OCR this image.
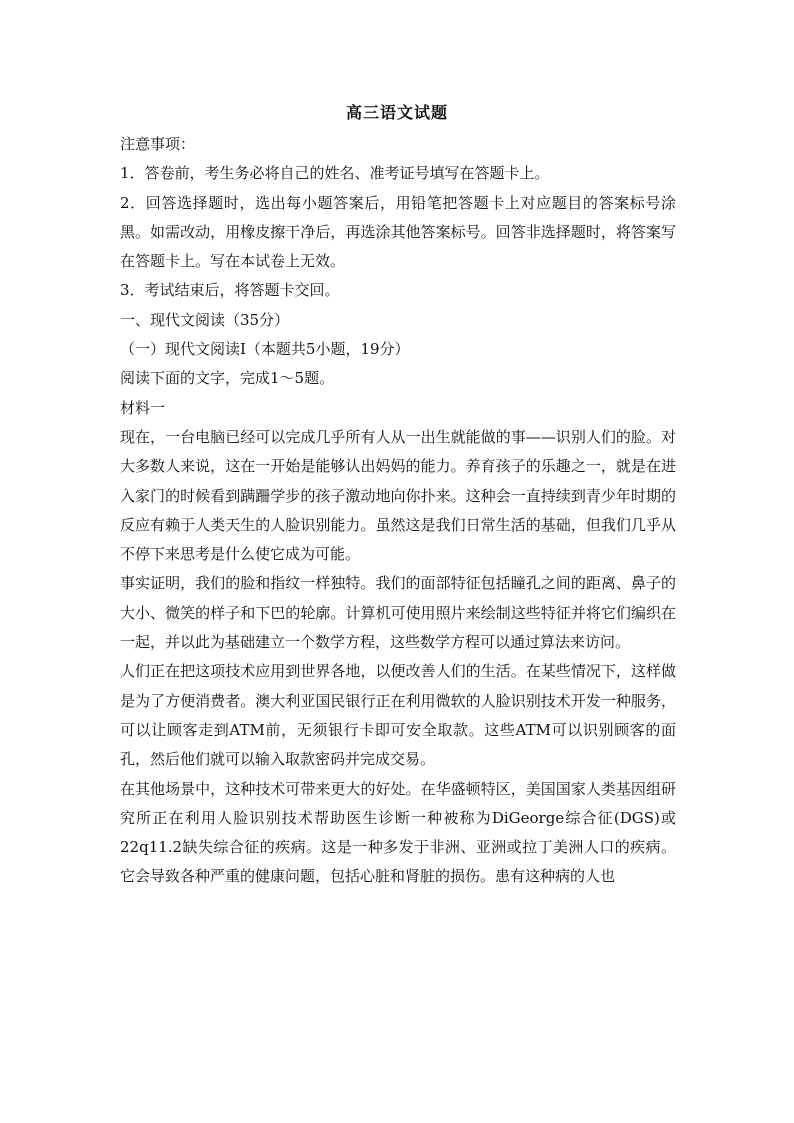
高三语文试题

注意事项：

1．答卷前，考生务必将自己的姓名、准考证号填写在答题卡上。

2．回答选择题时，选出每小题答案后，用铅笔把答题卡上对应题目的答案标号涂黑。如需改动，用橡皮擦干净后，再选涂其他答案标号。回答非选择题时，将答案写在答题卡上。写在本试卷上无效。

3．考试结束后，将答题卡交回。

一、现代文阅读（35分）

（一）现代文阅读Ⅰ（本题共5小题，19分）

阅读下面的文字，完成1～5题。

材料一

现在，一台电脑已经可以完成几乎所有人从一出生就能做的事——识别人们的脸。对大多数人来说，这在一开始是能够认出妈妈的能力。养育孩子的乐趣之一，就是在进入家门的时候看到蹒跚学步的孩子激动地向你扑来。这种会一直持续到青少年时期的反应有赖于人类天生的人脸识别能力。虽然这是我们日常生活的基础，但我们几乎从不停下来思考是什么使它成为可能。

事实证明，我们的脸和指纹一样独特。我们的面部特征包括瞳孔之间的距离、鼻子的大小、微笑的样子和下巴的轮廓。计算机可使用照片来绘制这些特征并将它们编织在一起，并以此为基础建立一个数学方程，这些数学方程可以通过算法来访问。

人们正在把这项技术应用到世界各地，以便改善人们的生活。在某些情况下，这样做是为了方便消费者。澳大利亚国民银行正在利用微软的人脸识别技术开发一种服务，可以让顾客走到ATM前，无须银行卡即可安全取款。这些ATM可以识别顾客的面孔，然后他们就可以输入取款密码并完成交易。

在其他场景中，这种技术可带来更大的好处。在华盛顿特区，美国国家人类基因组研究所正在利用人脸识别技术帮助医生诊断一种被称为DiGeorge综合征(DGS)或22q11.2缺失综合征的疾病。这是一种多发于非洲、亚洲或拉丁美洲人口的疾病。它会导致各种严重的健康问题，包括心脏和肾脏的损伤。患有这种病的人也
